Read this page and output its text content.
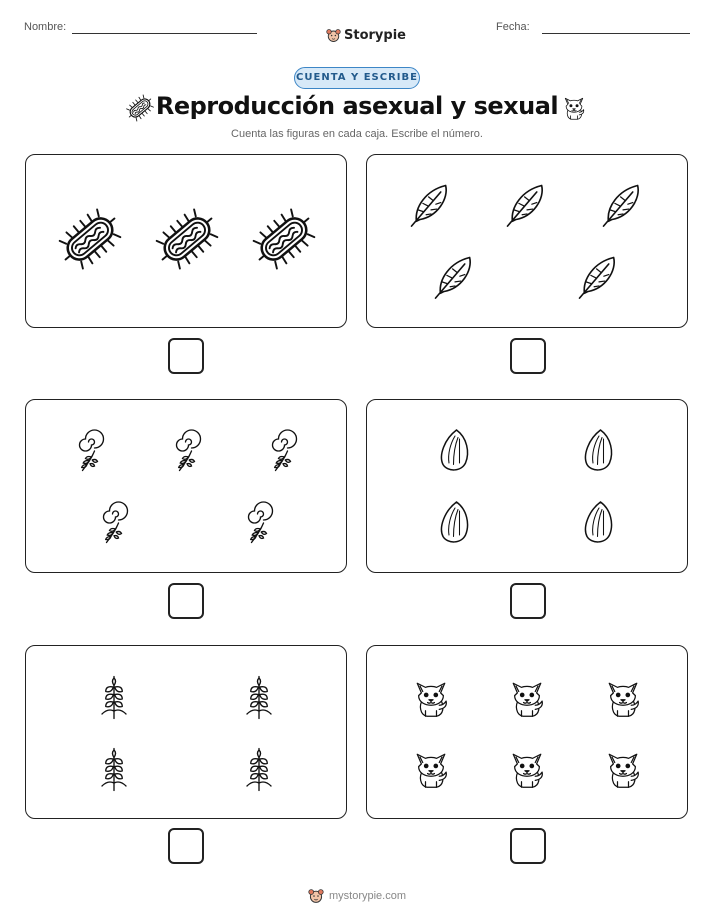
Nombre:
Storypie
Fecha:
CUENTA Y ESCRIBE
Reproducción asexual y sexual
Cuenta las figuras en cada caja. Escribe el número.
mystorypie.com
